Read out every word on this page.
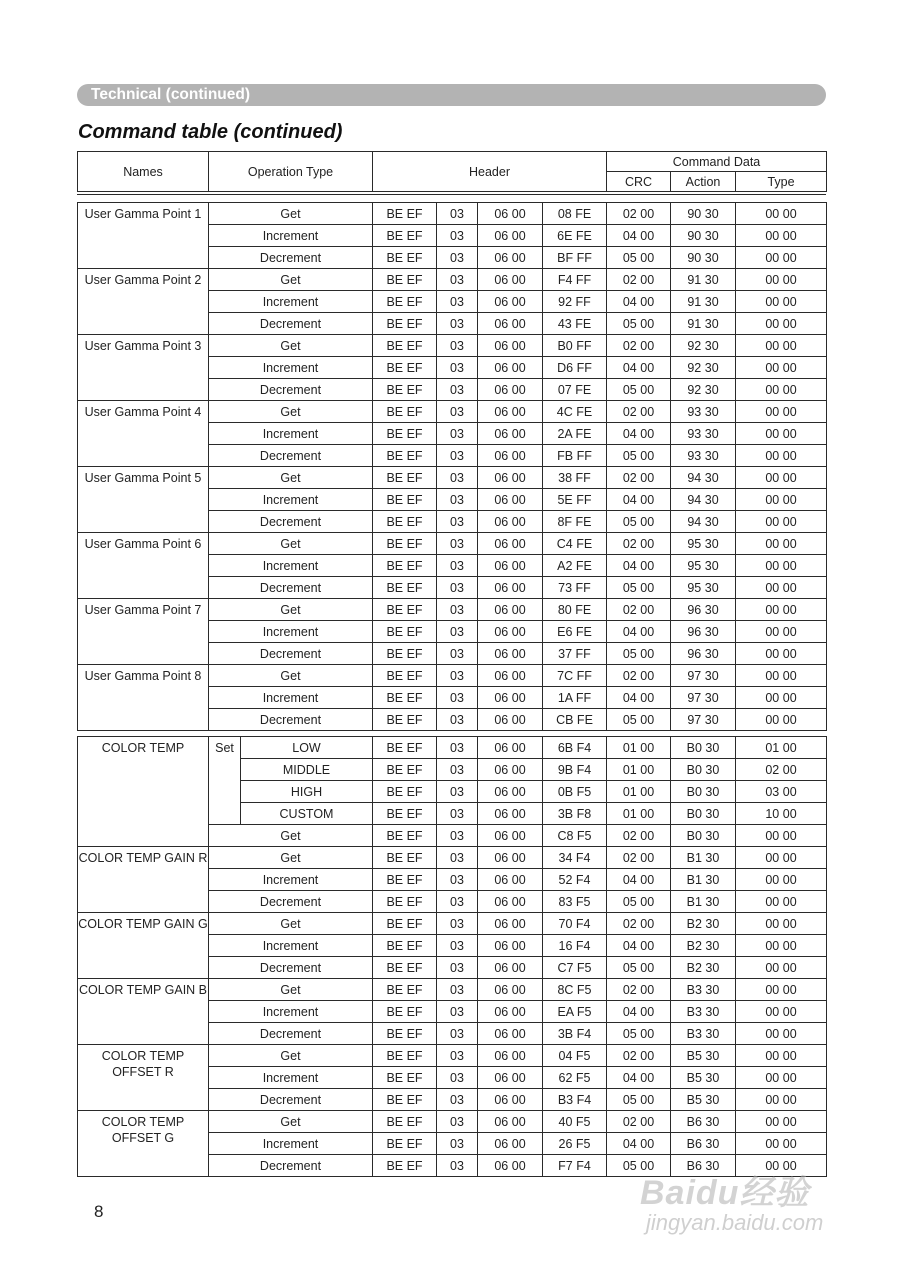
Technical (continued)
Command table (continued)
Names	Operation Type	Header	Command Data			
			CRC	Action	Type	
User Gamma Point 1	Get	BE EF	03	06 00	08 FE	02 00	90 30	00 00
	Increment	BE EF	03	06 00	6E FE	04 00	90 30	00 00
	Decrement	BE EF	03	06 00	BF FF	05 00	90 30	00 00
User Gamma Point 2	Get	BE EF	03	06 00	F4 FF	02 00	91 30	00 00
	Increment	BE EF	03	06 00	92 FF	04 00	91 30	00 00
	Decrement	BE EF	03	06 00	43 FE	05 00	91 30	00 00
User Gamma Point 3	Get	BE EF	03	06 00	B0 FF	02 00	92 30	00 00
	Increment	BE EF	03	06 00	D6 FF	04 00	92 30	00 00
	Decrement	BE EF	03	06 00	07 FE	05 00	92 30	00 00
User Gamma Point 4	Get	BE EF	03	06 00	4C FE	02 00	93 30	00 00
	Increment	BE EF	03	06 00	2A FE	04 00	93 30	00 00
	Decrement	BE EF	03	06 00	FB FF	05 00	93 30	00 00
User Gamma Point 5	Get	BE EF	03	06 00	38 FF	02 00	94 30	00 00
	Increment	BE EF	03	06 00	5E FF	04 00	94 30	00 00
	Decrement	BE EF	03	06 00	8F FE	05 00	94 30	00 00
User Gamma Point 6	Get	BE EF	03	06 00	C4 FE	02 00	95 30	00 00
	Increment	BE EF	03	06 00	A2 FE	04 00	95 30	00 00
	Decrement	BE EF	03	06 00	73 FF	05 00	95 30	00 00
User Gamma Point 7	Get	BE EF	03	06 00	80 FE	02 00	96 30	00 00
	Increment	BE EF	03	06 00	E6 FE	04 00	96 30	00 00
	Decrement	BE EF	03	06 00	37 FF	05 00	96 30	00 00
User Gamma Point 8	Get	BE EF	03	06 00	7C FF	02 00	97 30	00 00
	Increment	BE EF	03	06 00	1A FF	04 00	97 30	00 00
	Decrement	BE EF	03	06 00	CB FE	05 00	97 30	00 00
COLOR TEMP	Set	LOW	BE EF	03	06 00	6B F4	01 00	B0 30	01 00
		MIDDLE	BE EF	03	06 00	9B F4	01 00	B0 30	02 00
		HIGH	BE EF	03	06 00	0B F5	01 00	B0 30	03 00
		CUSTOM	BE EF	03	06 00	3B F8	01 00	B0 30	10 00
	Get		BE EF	03	06 00	C8 F5	02 00	B0 30	00 00
COLOR TEMP GAIN R	Get		BE EF	03	06 00	34 F4	02 00	B1 30	00 00
	Increment		BE EF	03	06 00	52 F4	04 00	B1 30	00 00
	Decrement		BE EF	03	06 00	83 F5	05 00	B1 30	00 00
COLOR TEMP GAIN G	Get		BE EF	03	06 00	70 F4	02 00	B2 30	00 00
	Increment		BE EF	03	06 00	16 F4	04 00	B2 30	00 00
	Decrement		BE EF	03	06 00	C7 F5	05 00	B2 30	00 00
COLOR TEMP GAIN B	Get		BE EF	03	06 00	8C F5	02 00	B3 30	00 00
	Increment		BE EF	03	06 00	EA F5	04 00	B3 30	00 00
	Decrement		BE EF	03	06 00	3B F4	05 00	B3 30	00 00
COLOR TEMP OFFSET R	Get		BE EF	03	06 00	04 F5	02 00	B5 30	00 00
	Increment		BE EF	03	06 00	62 F5	04 00	B5 30	00 00
	Decrement		BE EF	03	06 00	B3 F4	05 00	B5 30	00 00
COLOR TEMP OFFSET G	Get		BE EF	03	06 00	40 F5	02 00	B6 30	00 00
	Increment		BE EF	03	06 00	26 F5	04 00	B6 30	00 00
	Decrement		BE EF	03	06 00	F7 F4	05 00	B6 30	00 00
8	Baidu经验
jingyan.baidu.com
